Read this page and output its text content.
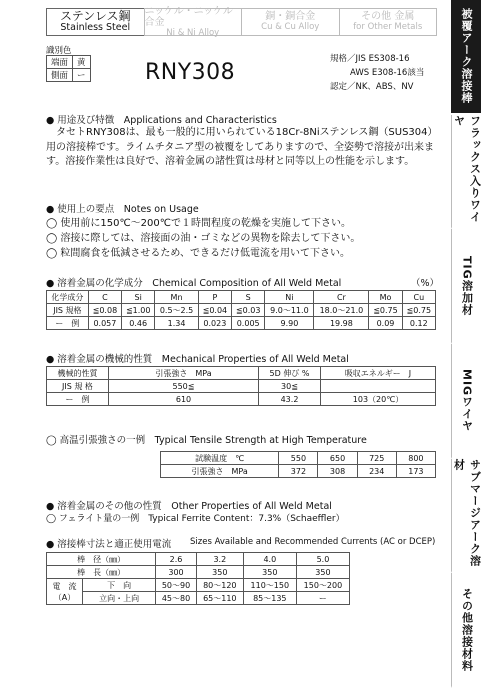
ステンレス鋼
Stainless Steel
ニッケル・ニッケル合金
Ni & Ni Alloy
銅・銅合金
Cu & Cu Alloy
その他 金属
for Other Metals	被覆アーク溶接棒
フラックス入りワイヤ
TIG溶加材
MIGワイヤ
サブマージアーク溶材
その他溶接材料
識別色
端面	黄
側面	ー	RNY308
規格／JIS ES308-16
AWS E308-16該当
認定／NK、ABS、NV
● 用途及び特徴　Applications and Characteristics
　タセトRNY308は、最も一般的に用いられている18Cr‐8Niステンレス鋼（SUS304）用の溶接棒です。ライムチタニア型の被覆をしてありますので、全姿勢で溶接が出来ます。溶接作業性は良好で、溶着金属の諸性質は母材と同等以上の性能を示します。
● 使用上の要点　Notes on Usage
◯ 使用前に150℃〜200℃で１時間程度の乾燥を実施して下さい。
◯ 溶接に際しては、溶接面の油・ゴミなどの異物を除去して下さい。
◯ 粒間腐食を低減させるため、できるだけ低電流を用いて下さい。
● 溶着金属の化学成分　Chemical Composition of All Weld Metal	（%）
化学成分	C	Si	Mn	P	S	Ni	Cr	Mo	Cu
JIS 規格	≦0.08	≦1.00	0.5〜2.5	≦0.04	≦0.03	9.0〜11.0	18.0〜21.0	≦0.75	≦0.75
ー　例	0.057	0.46	1.34	0.023	0.005	9.90	19.98	0.09	0.12
● 溶着金属の機械的性質　Mechanical Properties of All Weld Metal
機械的性質	引張強さ　MPa	5D 伸び %	吸収エネルギー　J
JIS 規 格	550≦	30≦	
ー　例	610	43.2	103（20℃）
◯ 高温引張強さの一例　Typical Tensile Strength at High Temperature
試験温度　℃	550	650	725	800
引張強さ　MPa	372	308	234	173
● 溶着金属のその他の性質　Other Properties of All Weld Metal
◯ フェライト量の一例　Typical Ferrite Content：7.3%（Schaeffler）
● 溶接棒寸法と適正使用電流 Sizes Available and Recommended Currents (AC or DCEP)
棒　径（㎜）		2.6	3.2	4.0	5.0
棒　長（㎜）		300	350	350	350
電　流
（A）	下　向	50〜90	80〜120	110〜150	150〜200
	立向・上向	45〜80	65〜110	85〜135	ー
